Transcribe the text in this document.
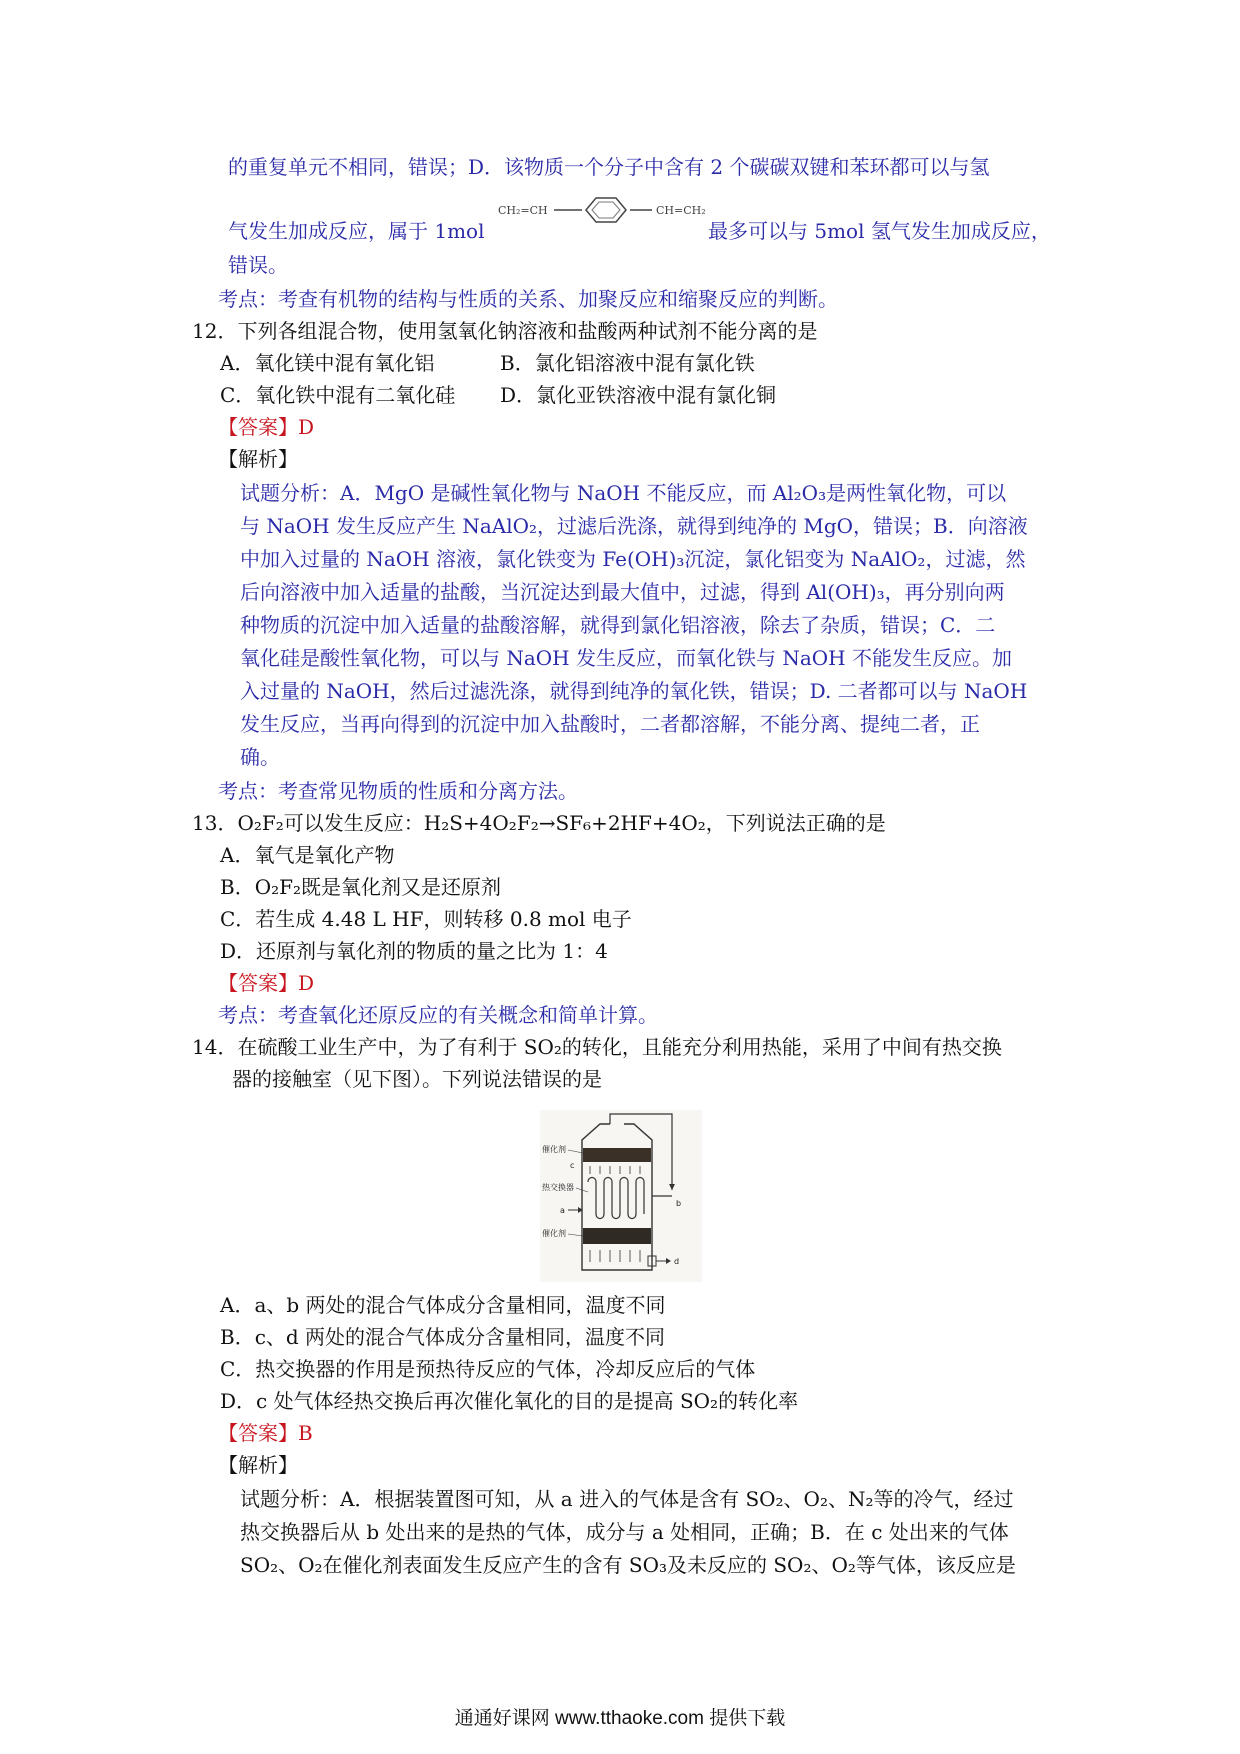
的重复单元不相同，错误；D．该物质一个分子中含有 2 个碳碳双键和苯环都可以与氢
气发生加成反应，属于 1mol
CH₂=CH	CH=CH₂
最多可以与 5mol 氢气发生加成反应，
错误。
考点：考查有机物的结构与性质的关系、加聚反应和缩聚反应的判断。
12．下列各组混合物，使用氢氧化钠溶液和盐酸两种试剂不能分离的是
A．氧化镁中混有氧化铝	B．氯化铝溶液中混有氯化铁
C．氧化铁中混有二氧化硅 D．氯化亚铁溶液中混有氯化铜
【答案】D
【解析】
试题分析：A．MgO 是碱性氧化物与 NaOH 不能反应，而 Al₂O₃是两性氧化物，可以
与 NaOH 发生反应产生 NaAlO₂，过滤后洗涤，就得到纯净的 MgO，错误；B．向溶液
中加入过量的 NaOH 溶液，氯化铁变为 Fe(OH)₃沉淀，氯化铝变为 NaAlO₂，过滤，然
后向溶液中加入适量的盐酸，当沉淀达到最大值中，过滤，得到 Al(OH)₃，再分别向两
种物质的沉淀中加入适量的盐酸溶解，就得到氯化铝溶液，除去了杂质，错误；C．二
氧化硅是酸性氧化物，可以与 NaOH 发生反应，而氧化铁与 NaOH 不能发生反应。加
入过量的 NaOH，然后过滤洗涤，就得到纯净的氧化铁，错误；D. 二者都可以与 NaOH
发生反应，当再向得到的沉淀中加入盐酸时，二者都溶解，不能分离、提纯二者，正
确。
考点：考查常见物质的性质和分离方法。
13．O₂F₂可以发生反应：H₂S+4O₂F₂→SF₆+2HF+4O₂，下列说法正确的是
A．氧气是氧化产物
B．O₂F₂既是氧化剂又是还原剂
C．若生成 4.48 L HF，则转移 0.8 mol 电子
D．还原剂与氧化剂的物质的量之比为 1：4
【答案】D
考点：考查氧化还原反应的有关概念和简单计算。
14．在硫酸工业生产中，为了有利于 SO₂的转化，且能充分利用热能，采用了中间有热交换
器的接触室（见下图）。下列说法错误的是
催化剂
c
热交换器
a
b
催化剂
d
A．a、b 两处的混合气体成分含量相同，温度不同
B．c、d 两处的混合气体成分含量相同，温度不同
C．热交换器的作用是预热待反应的气体，冷却反应后的气体
D．c 处气体经热交换后再次催化氧化的目的是提高 SO₂的转化率
【答案】B
【解析】
试题分析：A．根据装置图可知，从 a 进入的气体是含有 SO₂、O₂、N₂等的冷气，经过
热交换器后从 b 处出来的是热的气体，成分与 a 处相同，正确；B．在 c 处出来的气体
SO₂、O₂在催化剂表面发生反应产生的含有 SO₃及未反应的 SO₂、O₂等气体，该反应是
通通好课网 www.tthaoke.com 提供下载
